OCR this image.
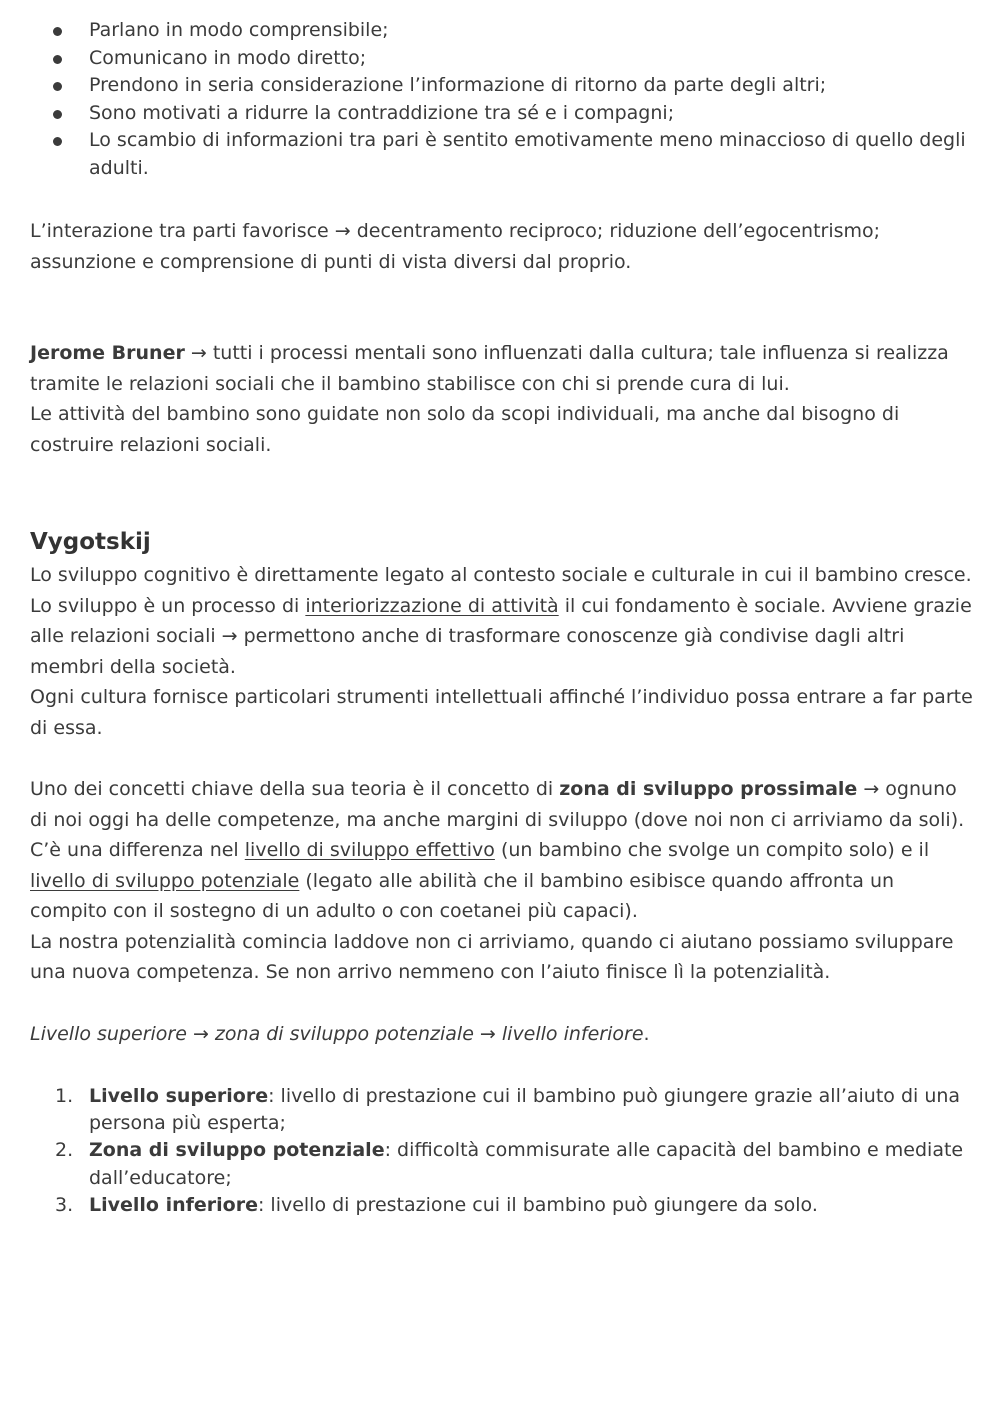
Parlano in modo comprensibile;
Comunicano in modo diretto;
Prendono in seria considerazione l’informazione di ritorno da parte degli altri;
Sono motivati a ridurre la contraddizione tra sé e i compagni;
Lo scambio di informazioni tra pari è sentito emotivamente meno minaccioso di quello degli adulti.

L’interazione tra parti favorisce → decentramento reciproco; riduzione dell’egocentrismo; assunzione e comprensione di punti di vista diversi dal proprio.

Jerome Bruner → tutti i processi mentali sono influenzati dalla cultura; tale influenza si realizza tramite le relazioni sociali che il bambino stabilisce con chi si prende cura di lui.

Le attività del bambino sono guidate non solo da scopi individuali, ma anche dal bisogno di costruire relazioni sociali.

Vygotskij

Lo sviluppo cognitivo è direttamente legato al contesto sociale e culturale in cui il bambino cresce.

Lo sviluppo è un processo di interiorizzazione di attività il cui fondamento è sociale. Avviene grazie alle relazioni sociali → permettono anche di trasformare conoscenze già condivise dagli altri membri della società.

Ogni cultura fornisce particolari strumenti intellettuali affinché l’individuo possa entrare a far parte di essa.

Uno dei concetti chiave della sua teoria è il concetto di zona di sviluppo prossimale → ognuno di noi oggi ha delle competenze, ma anche margini di sviluppo (dove noi non ci arriviamo da soli).

C’è una differenza nel livello di sviluppo effettivo (un bambino che svolge un compito solo) e il livello di sviluppo potenziale (legato alle abilità che il bambino esibisce quando affronta un compito con il sostegno di un adulto o con coetanei più capaci).

La nostra potenzialità comincia laddove non ci arriviamo, quando ci aiutano possiamo sviluppare una nuova competenza. Se non arrivo nemmeno con l’aiuto finisce lì la potenzialità.

Livello superiore → zona di sviluppo potenziale → livello inferiore.

1. Livello superiore: livello di prestazione cui il bambino può giungere grazie all’aiuto di una persona più esperta;
2. Zona di sviluppo potenziale: difficoltà commisurate alle capacità del bambino e mediate dall’educatore;
3. Livello inferiore: livello di prestazione cui il bambino può giungere da solo.
